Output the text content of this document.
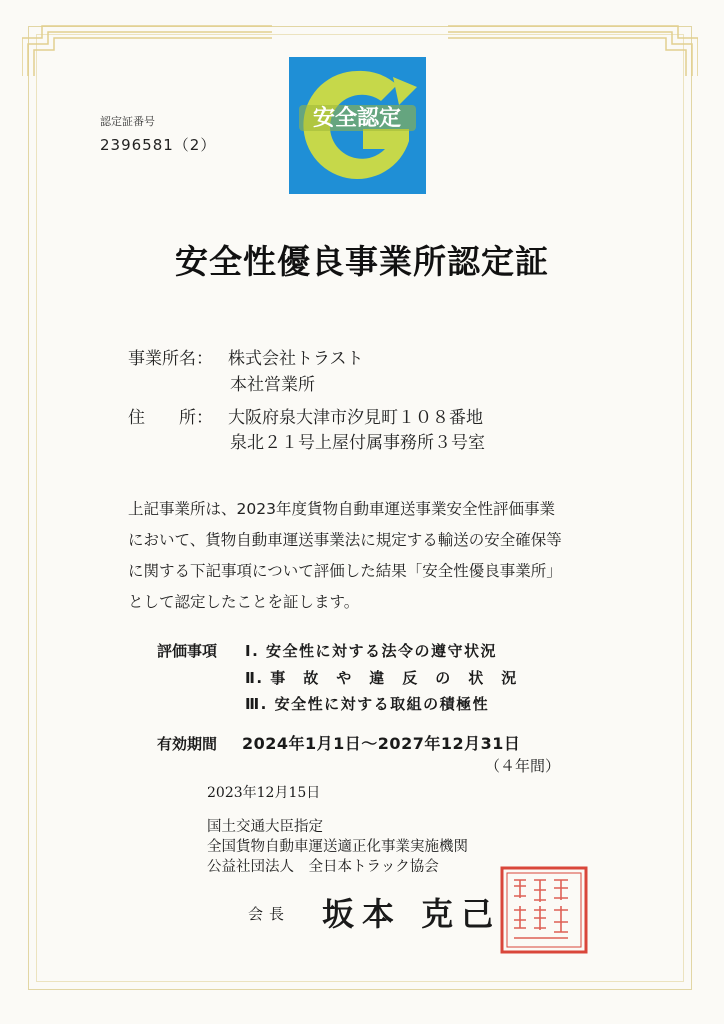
安全認定
認定証番号
2396581（2）
安全性優良事業所認定証
事業所名： 株式会社トラスト
本社営業所
住　　所： 大阪府泉大津市汐見町１０８番地
泉北２１号上屋付属事務所３号室
上記事業所は、2023年度貨物自動車運送事業安全性評価事業
において、貨物自動車運送事業法に規定する輸送の安全確保等
に関する下記事項について評価した結果「安全性優良事業所」
として認定したことを証します。
評価事項 Ⅰ. 安全性に対する法令の遵守状況
Ⅱ. 事　故　や　違　反　の　状　況
Ⅲ. 安全性に対する取組の積極性
有効期間 2024年1月1日～2027年12月31日
（４年間）
2023年12月15日
国土交通大臣指定
全国貨物自動車運送適正化事業実施機関
公益社団法人　全日本トラック協会
会長 坂本 克己
